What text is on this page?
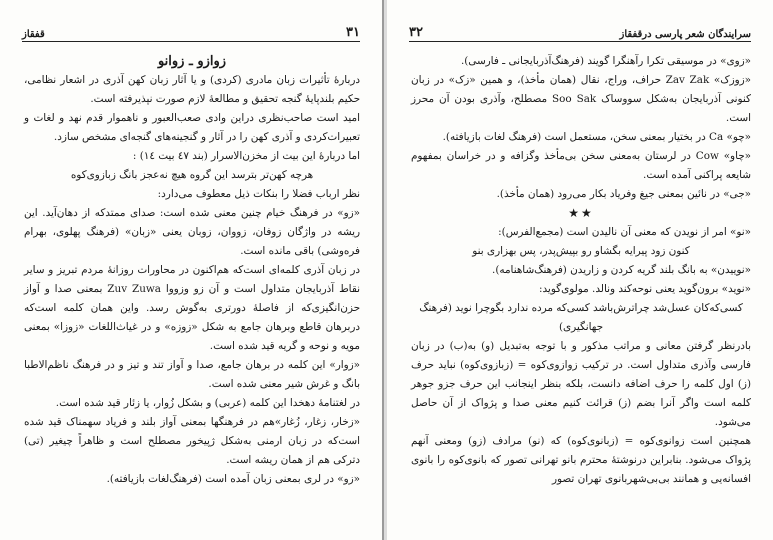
٣١
قفقاز

زوازو ـ زوانو

دربارهٔ تأثیرات زبان مادری (کردی) و یا آثار زبان کهن آذری در اشعار نظامی، حکیم بلندپایهٔ گنجه تحقیق و مطالعهٔ لازم صورت نپذیرفته است.

امید است صاحب‌نظری دراین وادی صعب‌العبور و ناهموار قدم نهد و لغات و تعبیرات‌کردی و آذری کهن را در آثار و گنجینه‌های گنجه‌ای مشخص سازد.

اما دربارهٔ این بیت از مخزن‌الاسرار (بند ٤٧ بیت ١٤) :

هرچه کهن‌تر بترسد این گروه هیچ نه‌عجز بانگ زبازوی‌کوه

نظر ارباب فضلا را بنکات ذیل معطوف می‌دارد:

«زو» در فرهنگ خیام چنین معنی شده است: صدای ممتدکه از دهان‌آید. این ریشه در واژگان زوفان، زووان، زوبان یعنی «زبان» (فرهنگ پهلوی، بهرام فره‌وشی) باقی مانده است.

در زبان آذری کلمه‌ای است‌که هم‌اکنون در محاورات روزانهٔ مردم تبریز و سایر نقاط آذربایجان متداول است و آن زو وزووا Zuv Zuwa بمعنی صدا و آواز حزن‌انگیزی‌که از فاصلهٔ دورتری به‌گوش رسد. واین همان کلمه است‌که دربرهان قاطع وبرهان جامع به شکل «زوزه» و در غیاث‌اللغات «زوزا» بمعنی مویه و نوحه و گریه قید شده است.

«زوار» این کلمه در برهان جامع، صدا و آواز تند و تیز و در فرهنگ ناظم‌الاطبا بانگ و غرش شیر معنی شده است.

در لغتنامهٔ دهخدا این کلمه (عربی) و بشکل زُوار، یا زئار قید شده است.

«زخار، زغار، زُغار»هم در فرهنگها بمعنی آواز بلند و فریاد سهمناک قید شده است‌که در زبان ارمنی به‌شکل ژپیخور مصطلح است و ظاهراً چیغیر (تی) دترکی هم از همان ریشه است.

«زو» در لری بمعنی زبان آمده است (فرهنگ‌لغات بازیافته).

سرایندگان شعر پارسی درقفقاز
٣٢

«زوی» در موسیقی تکرا رآهنگرا گویند (فرهنگ‌آذربایجانی ـ فارسی).

«زوزک» Zav Zak حراف، وراج، نقال (همان مأخذ)، و همین «زک» در زبان کنونی آذربایجان به‌شکل سووساک Soo Sak مصطلح، وآذری بودن آن محرز است.

«چو» Ca در بختیار بمعنی سخن، مستعمل است (فرهنگ لغات بازیافته).

«چاو» Cow در لرستان به‌معنی سخن بی‌مأخذ وگزافه و در خراسان بمفهوم شایعه پراکنی آمده است.

«جی» در نائین بمعنی جیغ وفریاد بکار می‌رود (همان مأخذ).

★★

«نو» امر از نویدن که معنی آن نالیدن است (مجمع‌الفرس):

کنون زود پیرایه بگشاو رو بپیش‌پدر، پس بهزاری بنو

«نوییدن» به بانگ بلند گریه کردن و زاریدن (فرهنگ‌شاهنامه).

«نوید» برون‌گوید یعنی نوحه‌کند ونالد. مولوی‌گوید:

کسی‌که‌کان عسل‌شد چراترش‌باشد کسی‌که مرده ندارد بگوچرا نوید (فرهنگ جهانگیری)

بادرنظر گرفتن معانی و مراتب مذکور و با توجه به‌تبدیل (و) به(ب) در زبان فارسی وآذری متداول است. در ترکیب زوازوی‌کوه = (زبازوی‌کوه) نباید حرف (ز) اول کلمه را حرف اضافه دانست، بلکه بنظر اینجانب این حرف جزو جوهر کلمه است واگر آنرا بضم (ز) قرائت کنیم معنی صدا و پژواک از آن حاصل می‌شود.

همچنین است زوانوی‌کوه = (زبانوی‌کوه) که (نو) مرادف (زو) ومعنی آنهم پژواک می‌شود. بنابراین درنوشتهٔ محترم بانو تهرانی تصور که بانوی‌کوه را بانوی افسانه‌یی و همانند بی‌بی‌شهربانوی تهران تصور
